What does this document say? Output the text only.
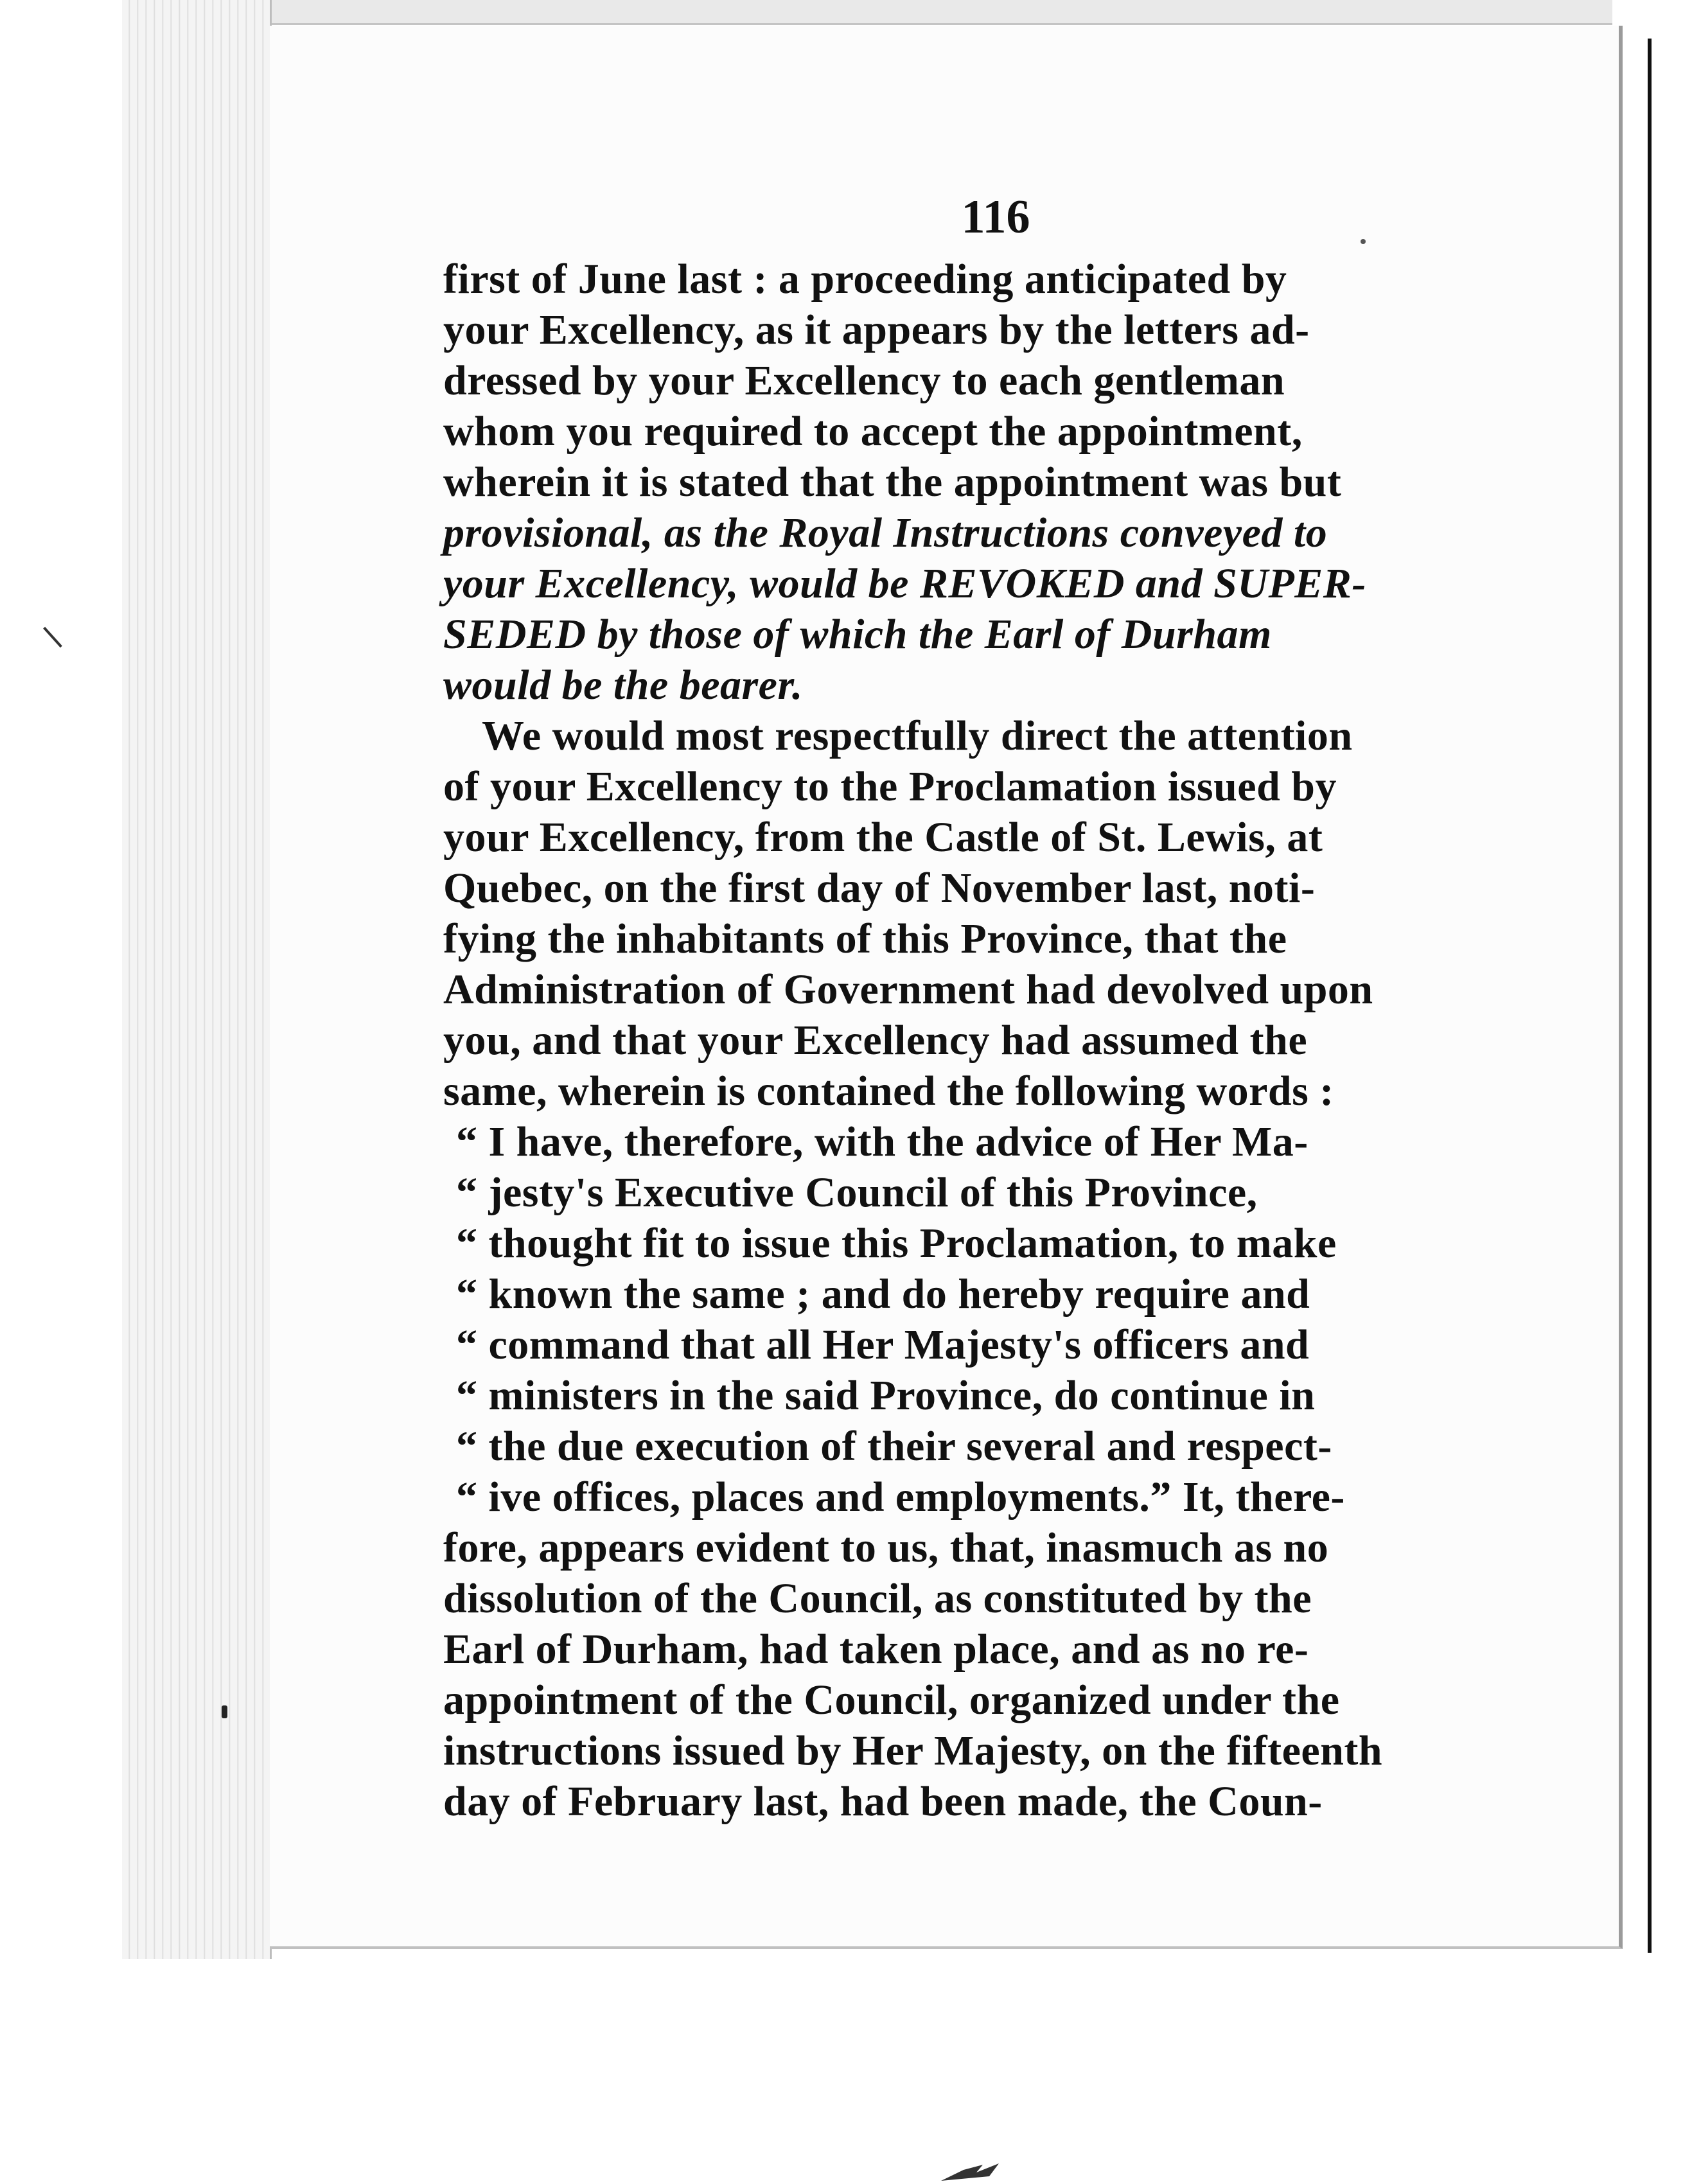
116
first of June last : a proceeding anticipated by
your Excellency, as it appears by the letters ad-
dressed by your Excellency to each gentleman
whom you required to accept the appointment,
wherein it is stated that the appointment was but
provisional, as the Royal Instructions conveyed to
your Excellency, would be REVOKED and SUPER-
SEDED by those of which the Earl of Durham
would be the bearer.
We would most respectfully direct the attention
of your Excellency to the Proclamation issued by
your Excellency, from the Castle of St. Lewis, at
Quebec, on the first day of November last, noti-
fying the inhabitants of this Province, that the
Administration of Government had devolved upon
you, and that your Excellency had assumed the
same, wherein is contained the following words :
“ I have, therefore, with the advice of Her Ma-
“ jesty's Executive Council of this Province,
“ thought fit to issue this Proclamation, to make
“ known the same ; and do hereby require and
“ command that all Her Majesty's officers and
“ ministers in the said Province, do continue in
“ the due execution of their several and respect-
“ ive offices, places and employments.” It, there-
fore, appears evident to us, that, inasmuch as no
dissolution of the Council, as constituted by the
Earl of Durham, had taken place, and as no re-
appointment of the Council, organized under the
instructions issued by Her Majesty, on the fifteenth
day of February last, had been made, the Coun-
